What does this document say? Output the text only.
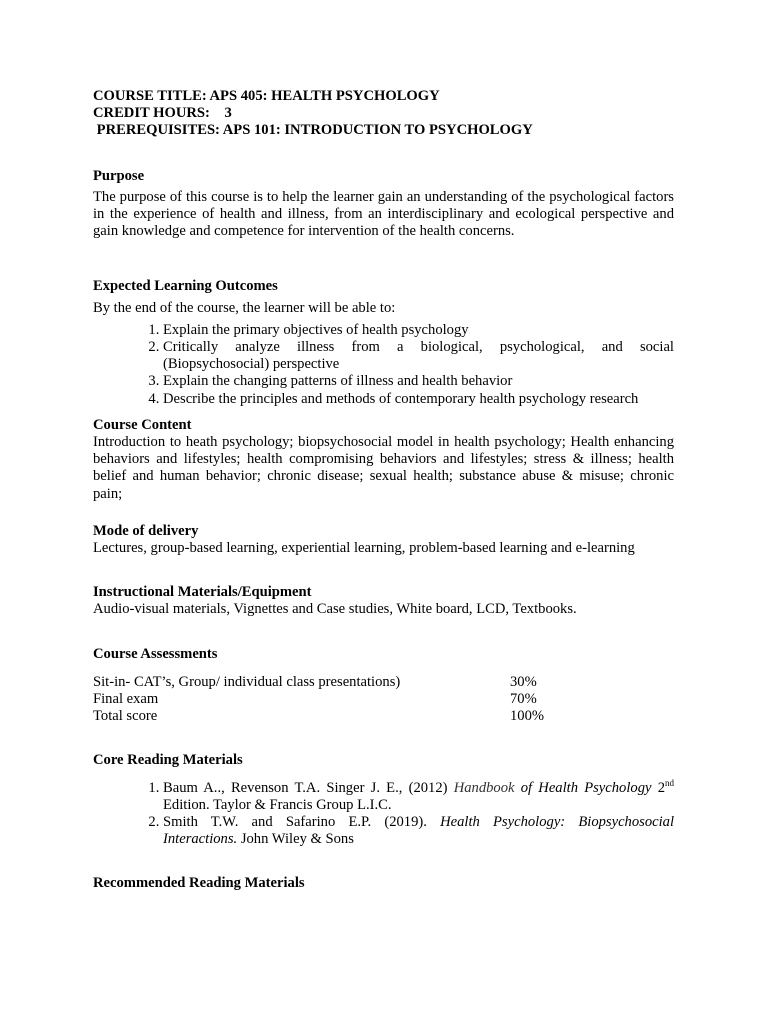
COURSE TITLE: APS 405: HEALTH PSYCHOLOGY
CREDIT HOURS:    3
PREREQUISITES: APS 101: INTRODUCTION TO PSYCHOLOGY
Purpose
The purpose of this course is to help the learner gain an understanding of the psychological factors in the experience of health and illness, from an interdisciplinary and ecological perspective and gain knowledge and competence for intervention of the health concerns.
Expected Learning Outcomes
By the end of the course, the learner will be able to:
1. Explain the primary objectives of health psychology
2. Critically analyze illness from a biological, psychological, and social (Biopsychosocial) perspective
3. Explain the changing patterns of illness and health behavior
4. Describe the principles and methods of contemporary health psychology research
Course Content
Introduction to heath psychology; biopsychosocial model in health psychology; Health enhancing behaviors and lifestyles; health compromising behaviors and lifestyles; stress & illness; health belief and human behavior; chronic disease; sexual health; substance abuse & misuse; chronic pain;
Mode of delivery
Lectures, group-based learning, experiential learning, problem-based learning and e-learning
Instructional Materials/Equipment
Audio-visual materials, Vignettes and Case studies, White board, LCD, Textbooks.
Course Assessments
Sit-in- CAT’s, Group/ individual class presentations)	30%
Final exam	70%
Total score	100%
Core Reading Materials
1. Baum A.., Revenson T.A. Singer J. E., (2012) Handbook of Health Psychology 2nd Edition. Taylor & Francis Group L.I.C.
2. Smith T.W. and Safarino E.P. (2019). Health Psychology: Biopsychosocial Interactions. John Wiley & Sons
Recommended Reading Materials
